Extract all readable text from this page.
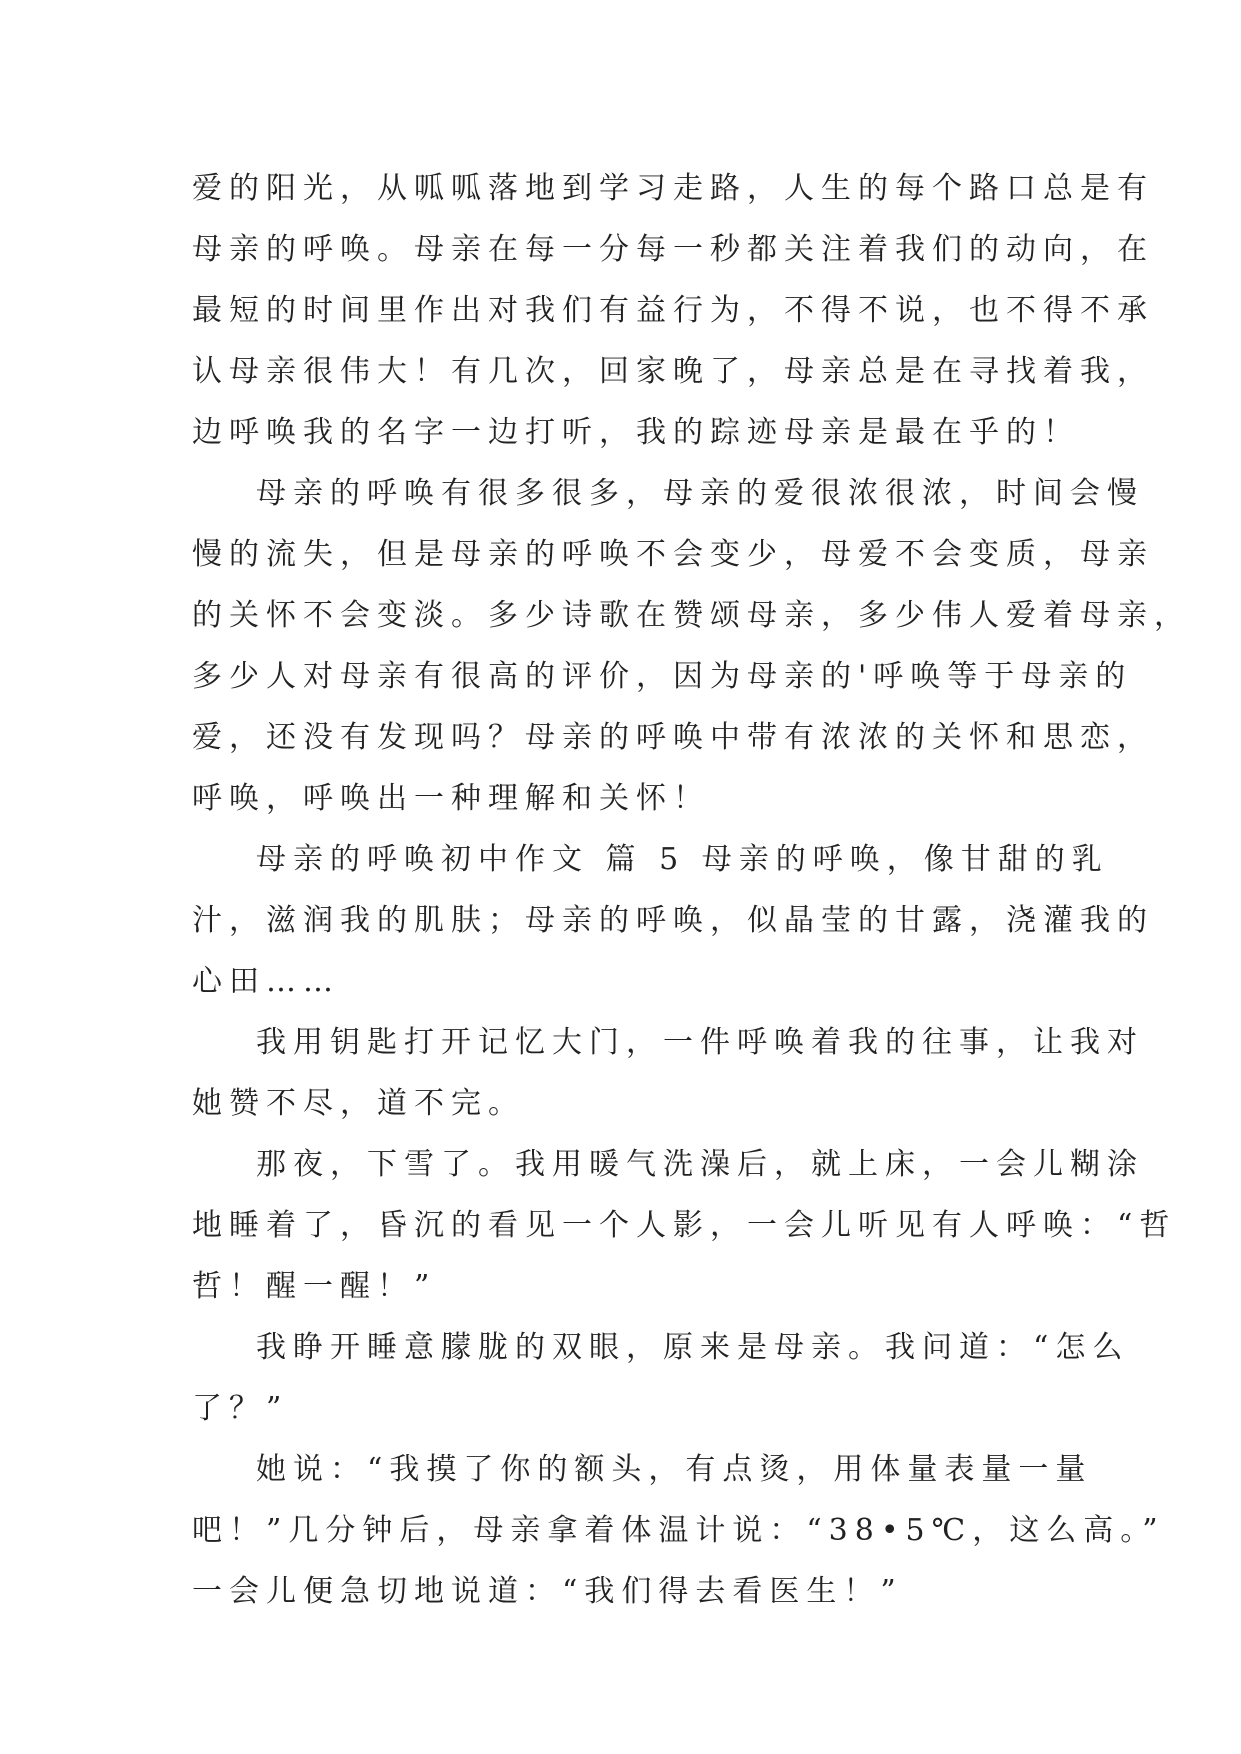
爱的阳光，从呱呱落地到学习走路，人生的每个路口总是有
母亲的呼唤。母亲在每一分每一秒都关注着我们的动向，在
最短的时间里作出对我们有益行为，不得不说，也不得不承
认母亲很伟大！有几次，回家晚了，母亲总是在寻找着我，
边呼唤我的名字一边打听，我的踪迹母亲是最在乎的！
母亲的呼唤有很多很多，母亲的爱很浓很浓，时间会慢
慢的流失，但是母亲的呼唤不会变少，母爱不会变质，母亲
的关怀不会变淡。多少诗歌在赞颂母亲，多少伟人爱着母亲，
多少人对母亲有很高的评价，因为母亲的'呼唤等于母亲的
爱，还没有发现吗？母亲的呼唤中带有浓浓的关怀和思恋，
呼唤，呼唤出一种理解和关怀！
母亲的呼唤初中作文 篇 5 母亲的呼唤，像甘甜的乳
汁，滋润我的肌肤；母亲的呼唤，似晶莹的甘露，浇灌我的
心田……
我用钥匙打开记忆大门，一件呼唤着我的往事，让我对
她赞不尽，道不完。
那夜，下雪了。我用暖气洗澡后，就上床，一会儿糊涂
地睡着了，昏沉的看见一个人影，一会儿听见有人呼唤：“哲
哲！醒一醒！”
我睁开睡意朦胧的双眼，原来是母亲。我问道：“怎么
了？”
她说：“我摸了你的额头，有点烫，用体量表量一量
吧！”几分钟后，母亲拿着体温计说：“38•5℃，这么高。”
一会儿便急切地说道：“我们得去看医生！”
